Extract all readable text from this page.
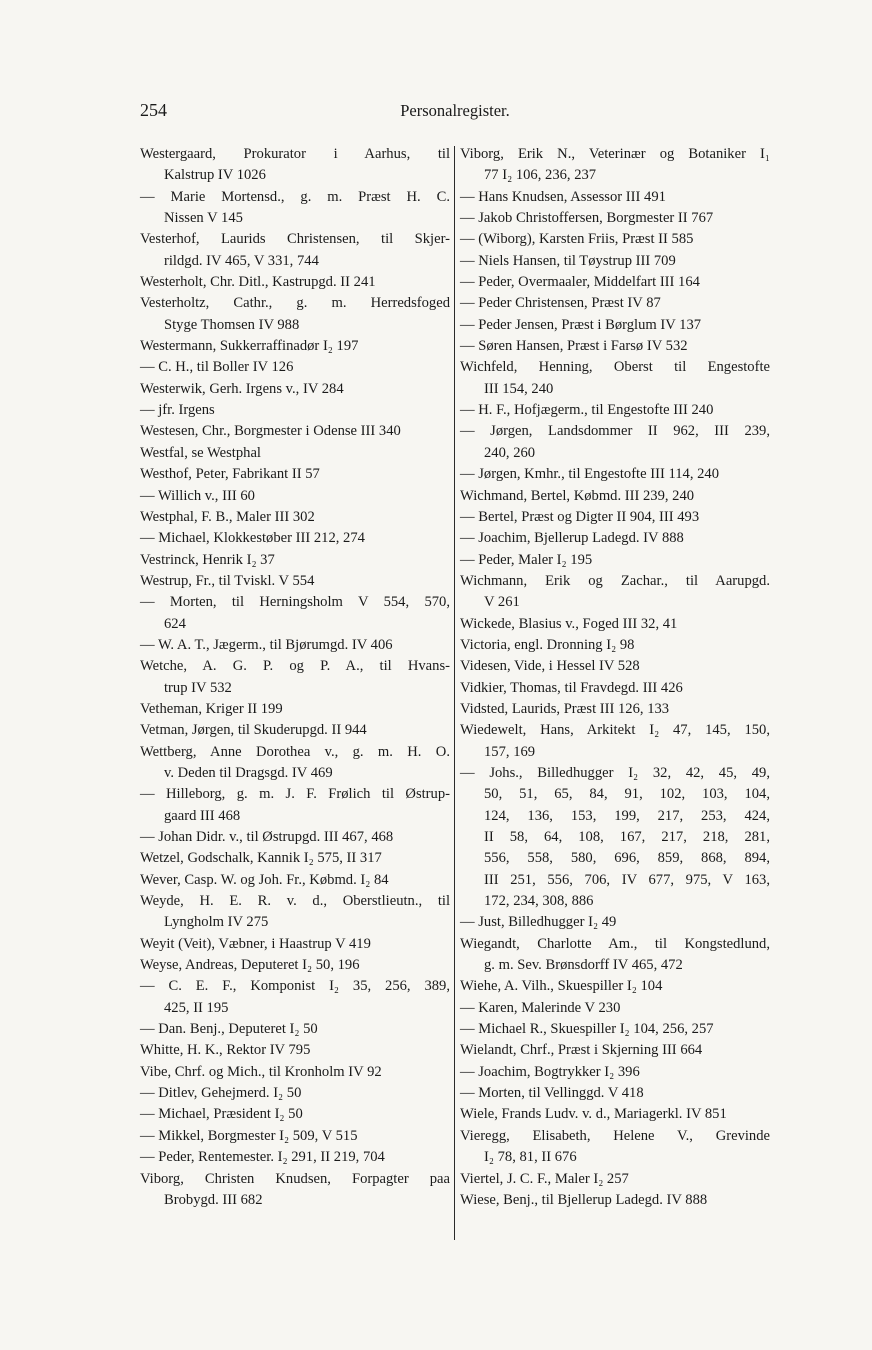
254	Personalregister.
Westergaard, Prokurator i Aarhus, til
Kalstrup IV 1026
— Marie Mortensd., g. m. Præst H. C.
Nissen V 145
Vesterhof, Laurids Christensen, til Skjer-
rildgd. IV 465, V 331, 744
Westerholt, Chr. Ditl., Kastrupgd. II 241
Vesterholtz, Cathr., g. m. Herredsfoged
Styge Thomsen IV 988
Westermann, Sukkerraffinadør I₂ 197
— C. H., til Boller IV 126
Westerwik, Gerh. Irgens v., IV 284
— jfr. Irgens
Westesen, Chr., Borgmester i Odense III 340
Westfal, se Westphal
Westhof, Peter, Fabrikant II 57
— Willich v., III 60
Westphal, F. B., Maler III 302
— Michael, Klokkestøber III 212, 274
Vestrinck, Henrik I₂ 37
Westrup, Fr., til Tviskl. V 554
— Morten, til Herningsholm V 554, 570,
624
— W. A. T., Jægerm., til Bjørumgd. IV 406
Wetche, A. G. P. og P. A., til Hvans-
trup IV 532
Vetheman, Kriger II 199
Vetman, Jørgen, til Skuderupgd. II 944
Wettberg, Anne Dorothea v., g. m. H. O.
v. Deden til Dragsgd. IV 469
— Hilleborg, g. m. J. F. Frølich til Østrup-
gaard III 468
— Johan Didr. v., til Østrupgd. III 467, 468
Wetzel, Godschalk, Kannik I₂ 575, II 317
Wever, Casp. W. og Joh. Fr., Købmd. I₂ 84
Weyde, H. E. R. v. d., Oberstlieutn., til
Lyngholm IV 275
Weyit (Veit), Væbner, i Haastrup V 419
Weyse, Andreas, Deputeret I₂ 50, 196
— C. E. F., Komponist I₂ 35, 256, 389,
425, II 195
— Dan. Benj., Deputeret I₂ 50
Whitte, H. K., Rektor IV 795
Vibe, Chrf. og Mich., til Kronholm IV 92
— Ditlev, Gehejmerd. I₂ 50
— Michael, Præsident I₂ 50
— Mikkel, Borgmester I₂ 509, V 515
— Peder, Rentemester. I₂ 291, II 219, 704
Viborg, Christen Knudsen, Forpagter paa
Brobygd. III 682
Viborg, Erik N., Veterinær og Botaniker I₁
77 I₂ 106, 236, 237
— Hans Knudsen, Assessor III 491
— Jakob Christoffersen, Borgmester II 767
— (Wiborg), Karsten Friis, Præst II 585
— Niels Hansen, til Tøystrup III 709
— Peder, Overmaaler, Middelfart III 164
— Peder Christensen, Præst IV 87
— Peder Jensen, Præst i Børglum IV 137
— Søren Hansen, Præst i Farsø IV 532
Wichfeld, Henning, Oberst til Engestofte
III 154, 240
— H. F., Hofjægerm., til Engestofte III 240
— Jørgen, Landsdommer II 962, III 239,
240, 260
— Jørgen, Kmhr., til Engestofte III 114, 240
Wichmand, Bertel, Købmd. III 239, 240
— Bertel, Præst og Digter II 904, III 493
— Joachim, Bjellerup Ladegd. IV 888
— Peder, Maler I₂ 195
Wichmann, Erik og Zachar., til Aarupgd.
V 261
Wickede, Blasius v., Foged III 32, 41
Victoria, engl. Dronning I₂ 98
Videsen, Vide, i Hessel IV 528
Vidkier, Thomas, til Fravdegd. III 426
Vidsted, Laurids, Præst III 126, 133
Wiedewelt, Hans, Arkitekt I₂ 47, 145, 150,
157, 169
— Johs., Billedhugger I₂ 32, 42, 45, 49,
50, 51, 65, 84, 91, 102, 103, 104,
124, 136, 153, 199, 217, 253, 424,
II 58, 64, 108, 167, 217, 218, 281,
556, 558, 580, 696, 859, 868, 894,
III 251, 556, 706, IV 677, 975, V 163,
172, 234, 308, 886
— Just, Billedhugger I₂ 49
Wiegandt, Charlotte Am., til Kongstedlund,
g. m. Sev. Brønsdorff IV 465, 472
Wiehe, A. Vilh., Skuespiller I₂ 104
— Karen, Malerinde V 230
— Michael R., Skuespiller I₂ 104, 256, 257
Wielandt, Chrf., Præst i Skjerning III 664
— Joachim, Bogtrykker I₂ 396
— Morten, til Vellinggd. V 418
Wiele, Frands Ludv. v. d., Mariagerkl. IV 851
Vieregg, Elisabeth, Helene V., Grevinde
I₂ 78, 81, II 676
Viertel, J. C. F., Maler I₂ 257
Wiese, Benj., til Bjellerup Ladegd. IV 888
